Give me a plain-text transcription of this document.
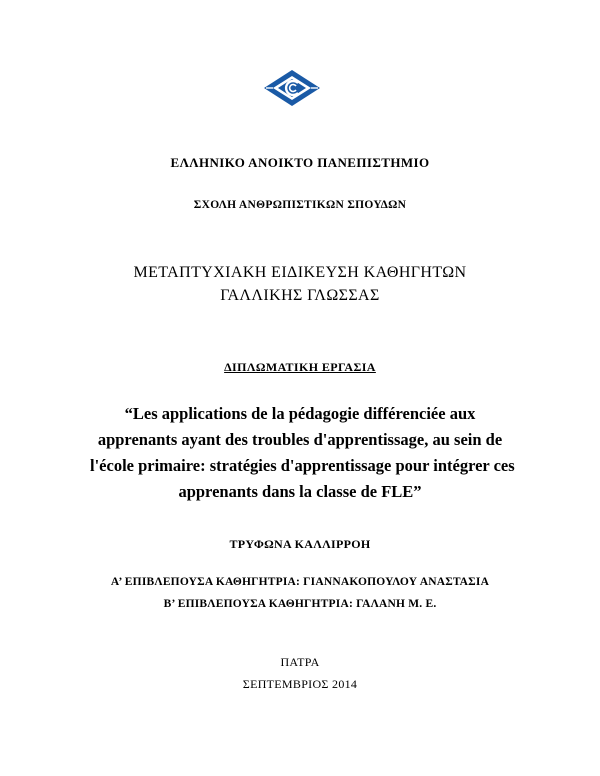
ΕΛΛΗΝΙΚΟ ΑΝΟΙΚΤΟ ΠΑΝΕΠΙΣΤΗΜΙΟ
ΣΧΟΛΗ ΑΝΘΡΩΠΙΣΤΙΚΩΝ ΣΠΟΥΔΩΝ
ΜΕΤΑΠΤΥΧΙΑΚΗ ΕΙΔΙΚΕΥΣΗ ΚΑΘΗΓΗΤΩΝ
ΓΑΛΛΙΚΗΣ ΓΛΩΣΣΑΣ
ΔΙΠΛΩΜΑΤΙΚΗ ΕΡΓΑΣΙΑ
“Les applications de la pédagogie différenciée aux
apprenants ayant des troubles d'apprentissage, au sein de
l'école primaire: stratégies d'apprentissage pour intégrer ces
apprenants dans la classe de FLE”
ΤΡΥΦΩΝΑ ΚΑΛΛΙΡΡΟΗ
Α’ ΕΠΙΒΛΕΠΟΥΣΑ ΚΑΘΗΓΗΤΡΙΑ: ΓΙΑΝΝΑΚΟΠΟΥΛΟΥ ΑΝΑΣΤΑΣΙΑ
Β’ ΕΠΙΒΛΕΠΟΥΣΑ ΚΑΘΗΓΗΤΡΙΑ: ΓΑΛΑΝΗ Μ. Ε.
ΠΑΤΡΑ
ΣΕΠΤΕΜΒΡΙΟΣ 2014
